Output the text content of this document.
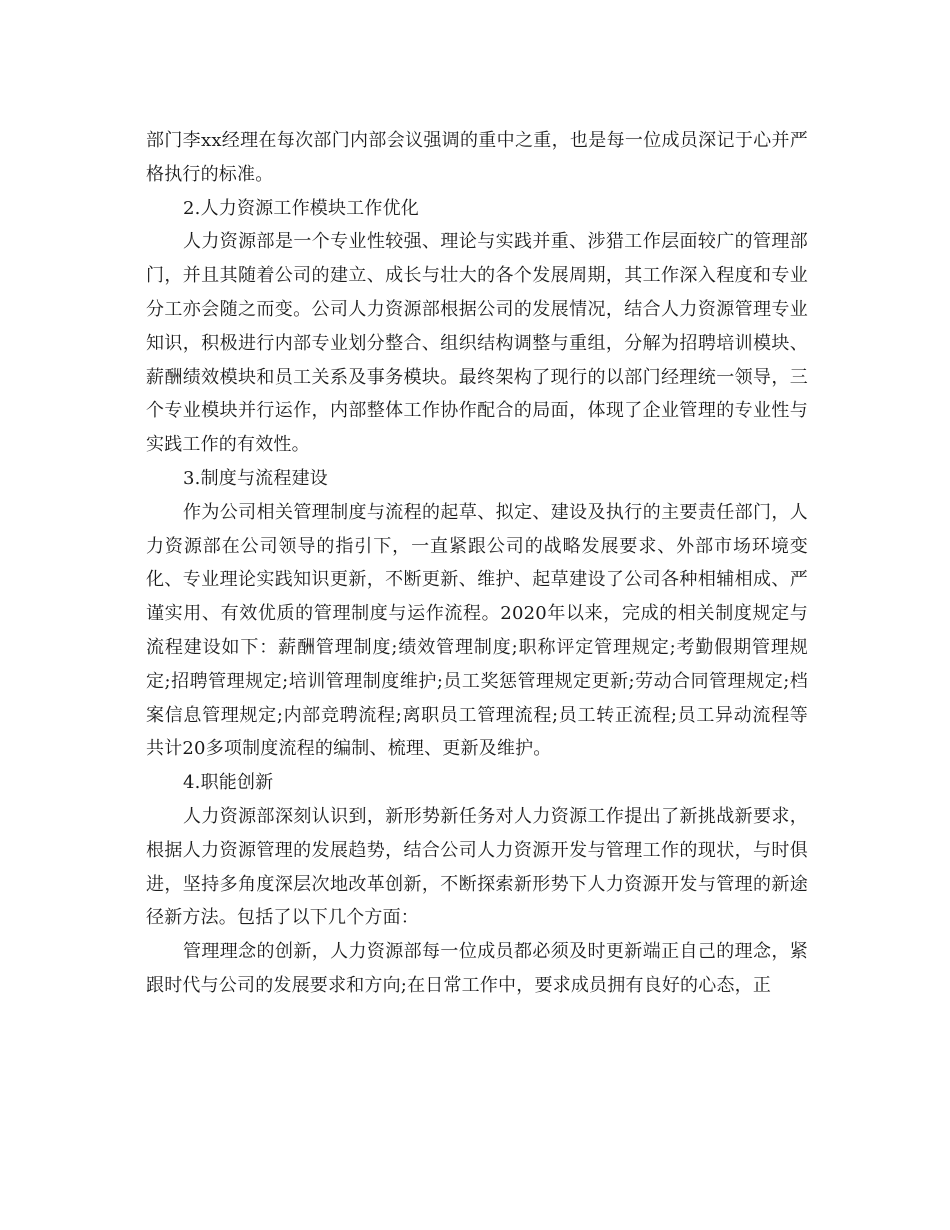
部门李xx经理在每次部门内部会议强调的重中之重，也是每一位成员深记于心并严格执行的标准。

2.人力资源工作模块工作优化

人力资源部是一个专业性较强、理论与实践并重、涉猎工作层面较广的管理部门，并且其随着公司的建立、成长与壮大的各个发展周期，其工作深入程度和专业分工亦会随之而变。公司人力资源部根据公司的发展情况，结合人力资源管理专业知识，积极进行内部专业划分整合、组织结构调整与重组，分解为招聘培训模块、薪酬绩效模块和员工关系及事务模块。最终架构了现行的以部门经理统一领导，三个专业模块并行运作，内部整体工作协作配合的局面，体现了企业管理的专业性与实践工作的有效性。

3.制度与流程建设

作为公司相关管理制度与流程的起草、拟定、建设及执行的主要责任部门，人力资源部在公司领导的指引下，一直紧跟公司的战略发展要求、外部市场环境变化、专业理论实践知识更新，不断更新、维护、起草建设了公司各种相辅相成、严谨实用、有效优质的管理制度与运作流程。2020年以来，完成的相关制度规定与流程建设如下：薪酬管理制度;绩效管理制度;职称评定管理规定;考勤假期管理规定;招聘管理规定;培训管理制度维护;员工奖惩管理规定更新;劳动合同管理规定;档案信息管理规定;内部竞聘流程;离职员工管理流程;员工转正流程;员工异动流程等共计20多项制度流程的编制、梳理、更新及维护。

4.职能创新

人力资源部深刻认识到，新形势新任务对人力资源工作提出了新挑战新要求，根据人力资源管理的发展趋势，结合公司人力资源开发与管理工作的现状，与时俱进，坚持多角度深层次地改革创新，不断探索新形势下人力资源开发与管理的新途径新方法。包括了以下几个方面：

管理理念的创新，人力资源部每一位成员都必须及时更新端正自己的理念，紧跟时代与公司的发展要求和方向;在日常工作中，要求成员拥有良好的心态，正
